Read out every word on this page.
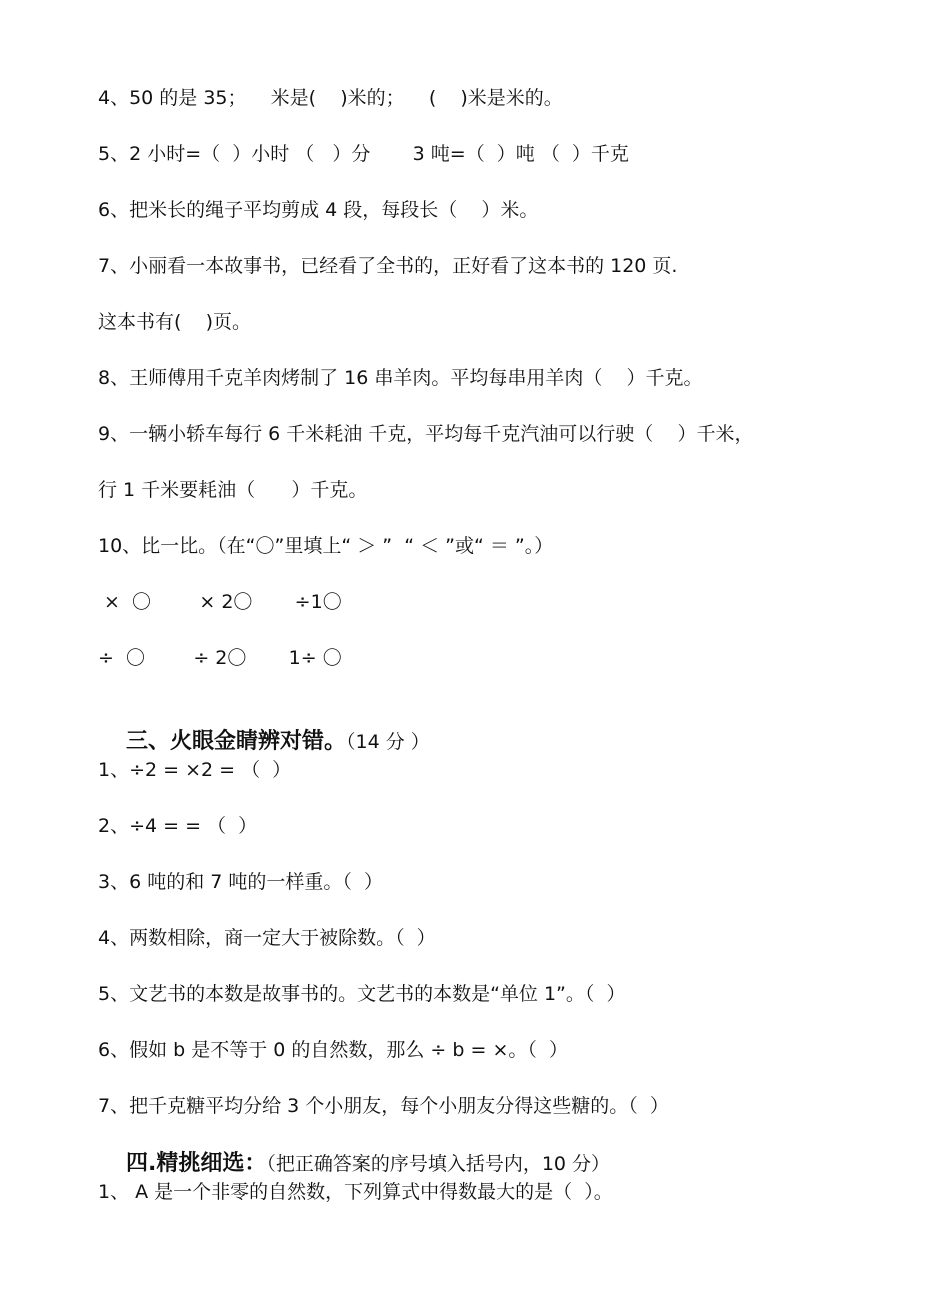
4、50 的是 35；    米是(    )米的；    (    )米是米的。
5、2 小时=（  ）小时 （   ）分       3 吨=（  ）吨 （  ）千克
6、把米长的绳子平均剪成 4 段，每段长（    ）米。
7、小丽看一本故事书，已经看了全书的，正好看了这本书的 120 页.
这本书有(    )页。
8、王师傅用千克羊肉烤制了 16 串羊肉。平均每串用羊肉（    ）千克。
9、一辆小轿车每行 6 千米耗油 千克，平均每千克汽油可以行驶（    ）千米，
行 1 千米要耗油（      ）千克。
10、比一比。（在“〇”里填上“ ＞ ”  “ ＜ ”或“ ＝ ”。）
×  〇        × 2〇       ÷1〇
÷  〇        ÷ 2〇       1÷ 〇

三、火眼金睛辨对错。（14 分 ）

1、÷2 = ×2 = （  ）
2、÷4 = = （  ）
3、6 吨的和 7 吨的一样重。（  ）
4、两数相除，商一定大于被除数。（  ）
5、文艺书的本数是故事书的。文艺书的本数是“单位 1”。（  ）
6、假如 b 是不等于 0 的自然数，那么 ÷ b = ×。（  ）
7、把千克糖平均分给 3 个小朋友，每个小朋友分得这些糖的。（  ）

四.精挑细选：（把正确答案的序号填入括号内，10 分）

1、 A 是一个非零的自然数，下列算式中得数最大的是（  ）。
